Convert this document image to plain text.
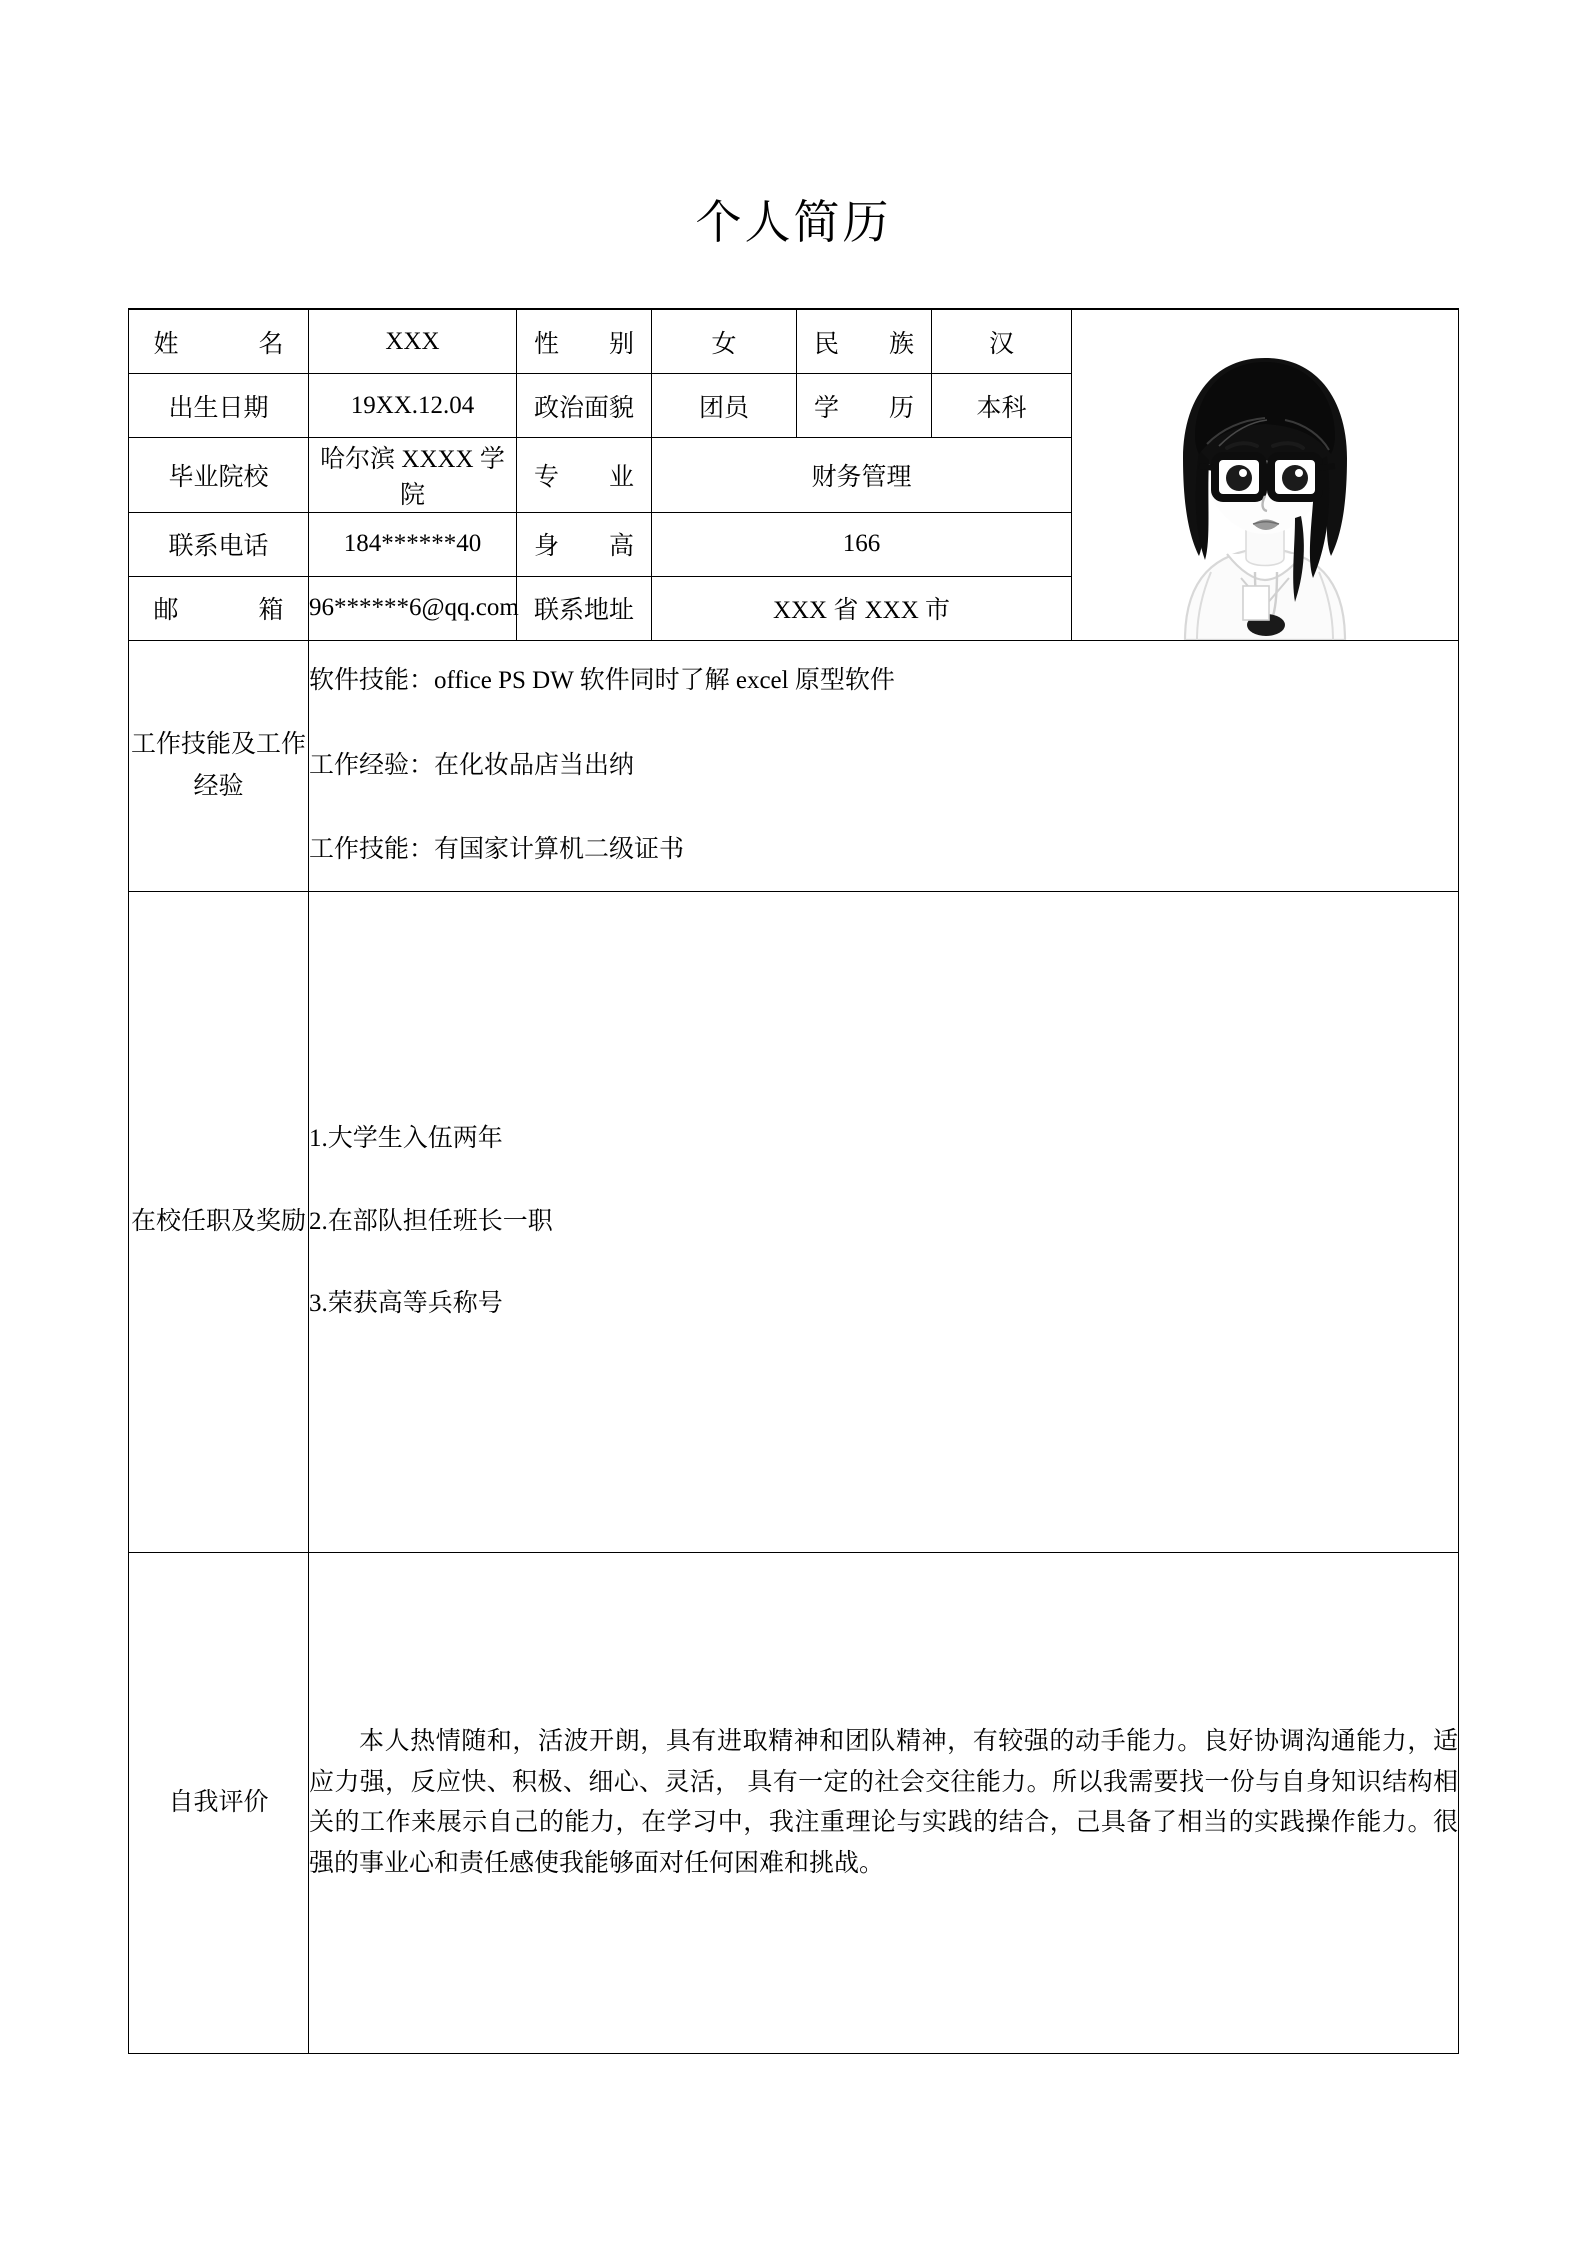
个人简历
姓 名	XXX	性 别	女	民 族	汉	

出生日期	19XX.12.04	政治面貌	团员	学 历	本科	
毕业院校	哈尔滨 XXXX 学院	专 业	财务管理			
联系电话	184******40	身 高	166			
邮 箱	96******6@qq.com	联系地址	XXX 省 XXX 市			
工作技能及工作经验	软件技能：office PS DW 软件同时了解 excel 原型软件
工作经验：在化妆品店当出纳
工作技能：有国家计算机二级证书					

在校任职及奖励	1.大学生入伍两年
2.在部队担任班长一职
3.荣获高等兵称号					

自我评价	本人热情随和，活波开朗，具有进取精神和团队精神，有较强的动手能力。良好协调沟通能力，适应力强，反应快、积极、细心、灵活， 具有一定的社会交往能力。所以我需要找一份与自身知识结构相关的工作来展示自己的能力，在学习中，我注重理论与实践的结合，己具备了相当的实践操作能力。很强的事业心和责任感使我能够面对任何困难和挑战。					
